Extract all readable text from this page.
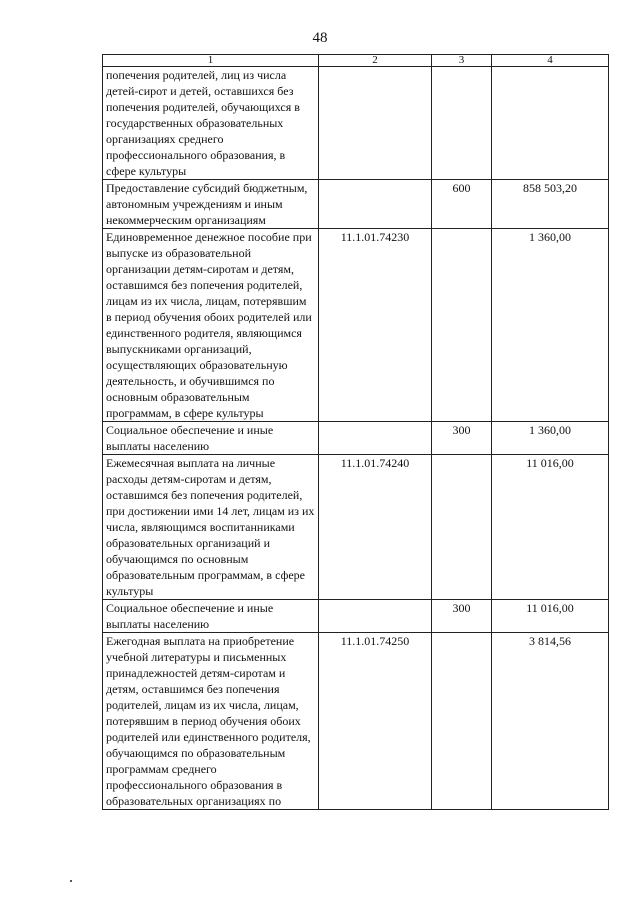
48
1	2	3	4
попечения родителей, лиц из числа детей-сирот и детей, оставшихся без попечения родителей, обучающихся в государственных образовательных организациях среднего профессионального образования, в сфере культуры			
Предоставление субсидий бюджетным, автономным учреждениям и иным некоммерческим организациям		600	858 503,20
Единовременное денежное пособие при выпуске из образовательной организации детям-сиротам и детям, оставшимся без попечения родителей, лицам из их числа, лицам, потерявшим в период обучения обоих родителей или единственного родителя, являющимся выпускниками организаций, осуществляющих образовательную деятельность, и обучившимся по основным образовательным программам, в сфере культуры	11.1.01.74230		1 360,00
Социальное обеспечение и иные выплаты населению		300	1 360,00
Ежемесячная выплата на личные расходы детям-сиротам и детям, оставшимся без попечения родителей, при достижении ими 14 лет, лицам из их числа, являющимся воспитанниками образовательных организаций и обучающимся по основным образовательным программам, в сфере культуры	11.1.01.74240		11 016,00
Социальное обеспечение и иные выплаты населению		300	11 016,00
Ежегодная выплата на приобретение учебной литературы и письменных принадлежностей детям-сиротам и детям, оставшимся без попечения родителей, лицам из их числа, лицам, потерявшим в период обучения обоих родителей или единственного родителя, обучающимся по образовательным программам среднего профессионального образования в образовательных организациях по	11.1.01.74250		3 814,56
